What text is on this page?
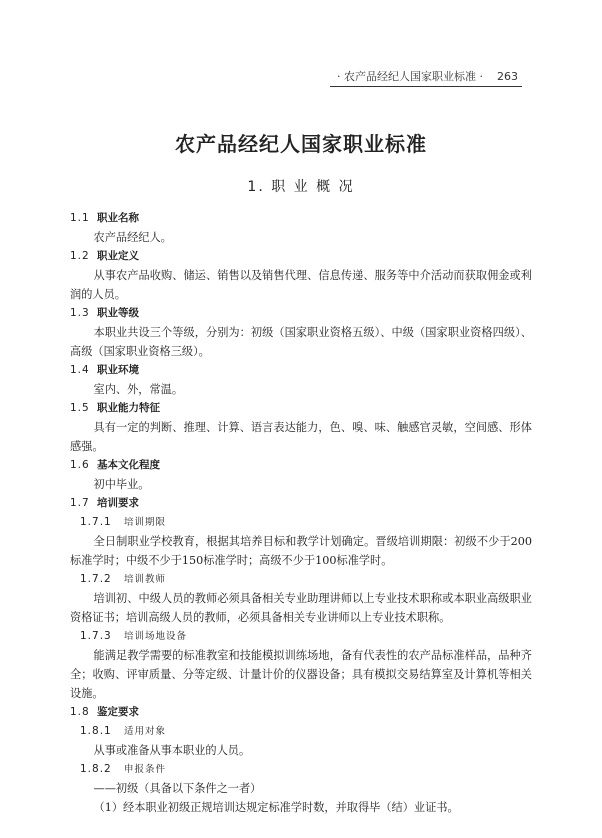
· 农产品经纪人国家职业标准 · 263
农产品经纪人国家职业标准
1. 职 业 概 况
1.1 职业名称
农产品经纪人。
1.2 职业定义
从事农产品收购、储运、销售以及销售代理、信息传递、服务等中介活动而获取佣金或利润的人员。
1.3 职业等级
本职业共设三个等级，分别为：初级（国家职业资格五级）、中级（国家职业资格四级）、高级（国家职业资格三级）。
1.4 职业环境
室内、外，常温。
1.5 职业能力特征
具有一定的判断、推理、计算、语言表达能力，色、嗅、味、触感官灵敏，空间感、形体感强。
1.6 基本文化程度
初中毕业。
1.7 培训要求
1.7.1 培训期限
全日制职业学校教育，根据其培养目标和教学计划确定。晋级培训期限：初级不少于200标准学时；中级不少于150标准学时；高级不少于100标准学时。
1.7.2 培训教师
培训初、中级人员的教师必须具备相关专业助理讲师以上专业技术职称或本职业高级职业资格证书；培训高级人员的教师，必须具备相关专业讲师以上专业技术职称。
1.7.3 培训场地设备
能满足教学需要的标准教室和技能模拟训练场地，备有代表性的农产品标准样品，品种齐全；收购、评审质量、分等定级、计量计价的仪器设备；具有模拟交易结算室及计算机等相关设施。
1.8 鉴定要求
1.8.1 适用对象
从事或准备从事本职业的人员。
1.8.2 申报条件
——初级（具备以下条件之一者）
（1）经本职业初级正规培训达规定标准学时数，并取得毕（结）业证书。
